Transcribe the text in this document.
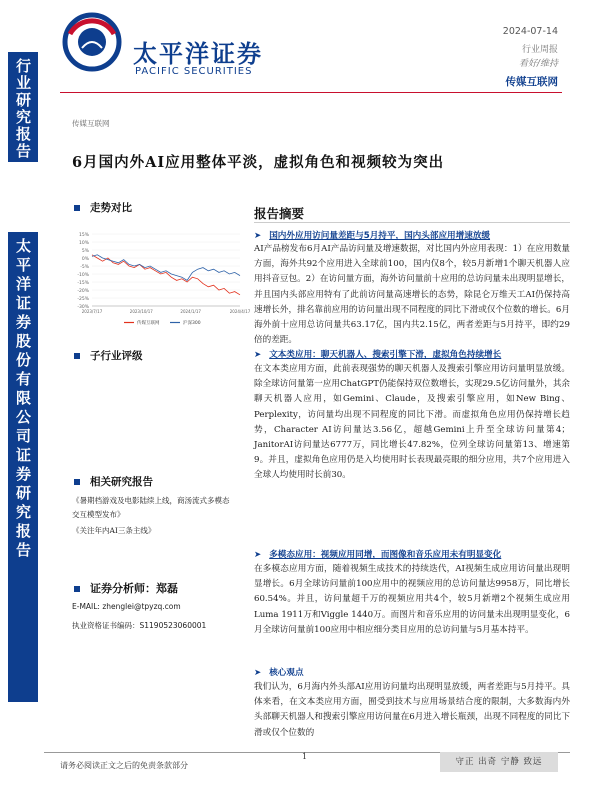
行业研究报告
太平洋证券股份有限公司证券研究报告
太平洋证券
PACIFIC SECURITIES
2024-07-14
行业周报
看好/维持
传媒互联网
传媒互联网
6月国内外AI应用整体平淡，虚拟角色和视频较为突出
走势对比
15%
10%
5%
0%
-5%
-10%
-15%
-20%
-25%
-30%
2023/7/17	2023/10/17	2024/1/17	2024/4/17
传媒互联网	沪深300
子行业评级
相关研究报告
《暑期档游戏及电影陆续上线，商汤流式多模态交互模型发布》
《关注年内AI三条主线》
证券分析师：郑磊
E-MAIL: zhenglei@tpyzq.com
执业资格证书编码：S1190523060001
报告摘要
➤ 国内外应用访问量差距与5月持平，国内头部应用增速放缓
AI产品榜发布6月AI产品访问量及增速数据，对比国内外应用表现：1）在应用数量方面，海外共92个应用进入全球前100，国内仅8个，较5月新增1个聊天机器人应用抖音豆包。2）在访问量方面，海外访问量前十应用的总访问量未出现明显增长，并且国内头部应用特有了此前访问量高速增长的态势，除昆仑万维天工AI仍保持高速增长外，排名靠前应用的访问量出现不同程度的同比下滑或仅个位数的增长。6月海外前十应用总访问量共63.17亿，国内共2.15亿，两者差距与5月持平，即约29倍的差距。
➤ 文本类应用：聊天机器人、搜索引擎下滑，虚拟角色持续增长
在文本类应用方面，此前表现强势的聊天机器人及搜索引擎应用访问量明显放缓。除全球访问量第一应用ChatGPT仍能保持双位数增长，实现29.5亿访问量外，其余聊天机器人应用，如Gemini、Claude，及搜索引擎应用，如New Bing、Perplexity，访问量均出现不同程度的同比下滑。而虚拟角色应用仍保持增长趋势，Character AI访问量达3.56亿，超越Gemini上升至全球访问量第4；JanitorAI访问量达6777万，同比增长47.82%，位列全球访问量第13、增速第9。并且，虚拟角色应用仍是入均使用时长表现最亮眼的细分应用，共7个应用进入全球人均使用时长前30。
➤ 多模态应用：视频应用同增，而图像和音乐应用未有明显变化
在多模态应用方面，随着视频生成技术的持续迭代，AI视频生成应用访问量出现明显增长。6月全球访问量前100应用中的视频应用的总访问量达9958万，同比增长60.54%。并且，访问量超千万的视频应用共4个，较5月新增2个视频生成应用Luma 1911万和Viggle 1440万。而图片和音乐应用的访问量未出现明显变化，6月全球访问量前100应用中相应细分类目应用的总访问量与5月基本持平。
➤ 核心观点
我们认为，6月海内外头部AI应用访问量均出现明显放缓，两者差距与5月持平。具体来看，在文本类应用方面，囿受到技术与应用场景结合度的限制，大多数海内外头部聊天机器人和搜索引擎应用访问量在6月进入增长瓶颈，出现不同程度的同比下滑或仅个位数的
请务必阅读正文之后的免责条款部分
1
守正 出奇 宁静 致远
